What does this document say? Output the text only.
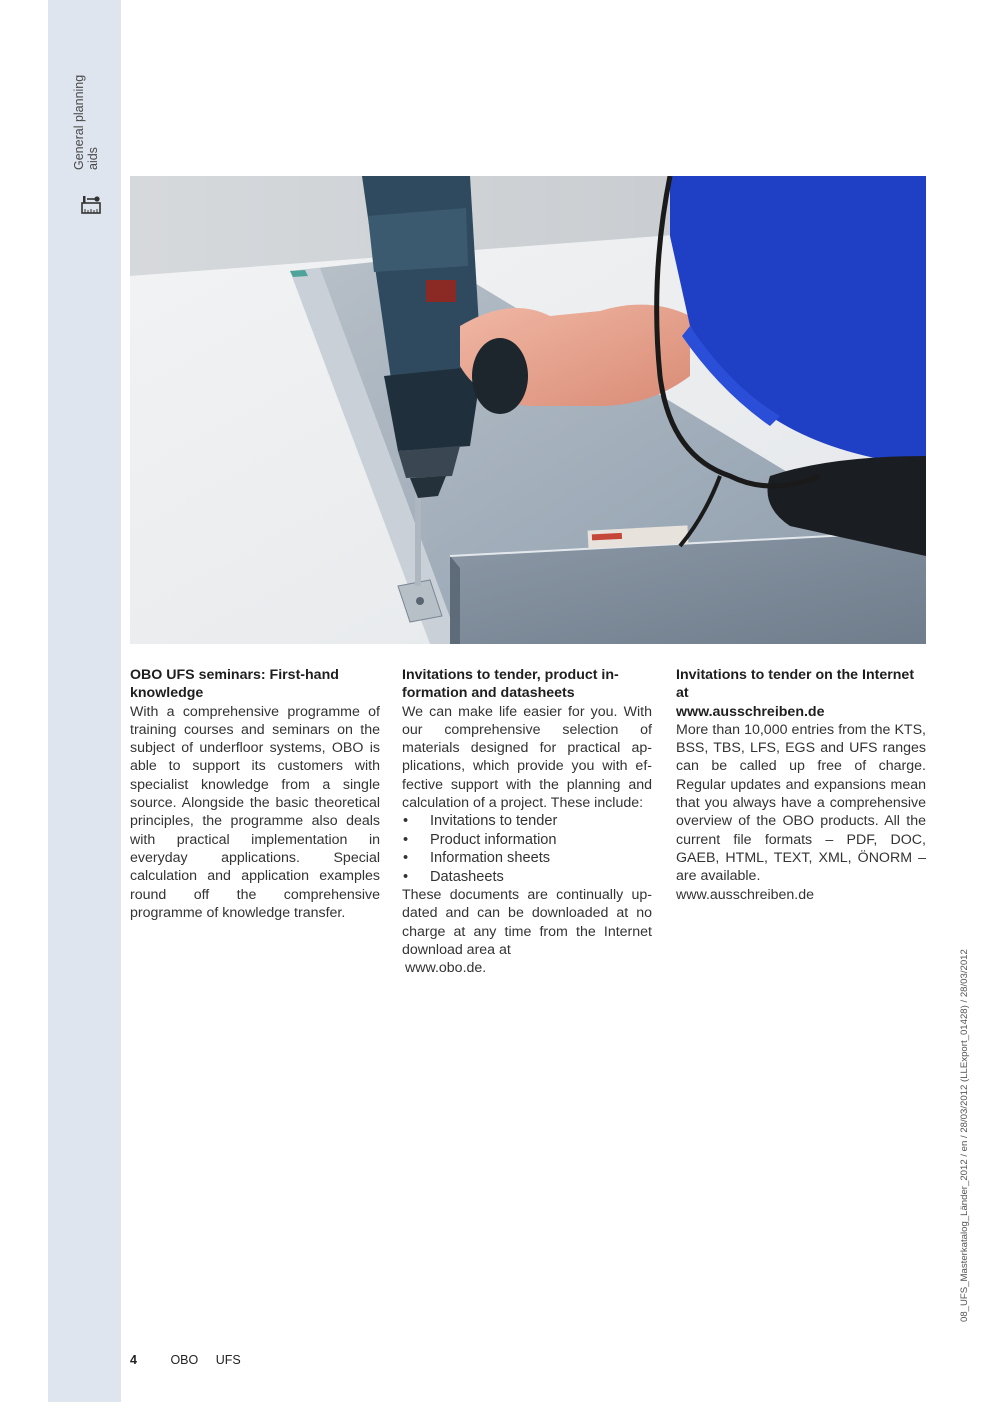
General planning aids
OBO UFS seminars: First-hand knowledge

With a comprehensive programme of training courses and seminars on the subject of underfloor systems, OBO is able to support its customers with specialist knowledge from a single source. Alongside the basic theoretical principles, the programme also deals with practical implementation in everyday applications. Special calculation and application examples round off the comprehensive programme of knowledge transfer.

Invitations to tender, product information and datasheets

We can make life easier for you. With our comprehensive selection of materials designed for practical applications, which provide you with effective support with the planning and calculation of a project. These include:

• Invitations to tender
• Product information
• Information sheets
• Datasheets

These documents are continually updated and can be downloaded at no charge at any time from the Internet download area at

www.obo.de.
Invitations to tender on the Internet at
www.ausschreiben.de

More than 10,000 entries from the KTS, BSS, TBS, LFS, EGS and UFS ranges can be called up free of charge. Regular updates and expansions mean that you always have a comprehensive overview of the OBO products. All the current file formats – PDF, DOC, GAEB, HTML, TEXT, XML, ÖNORM – are available.

www.ausschreiben.de

4	OBO UFS
08_UFS_Masterkatalog_Länder_2012 / en / 28/03/2012 (LLExport_01428) / 28/03/2012
